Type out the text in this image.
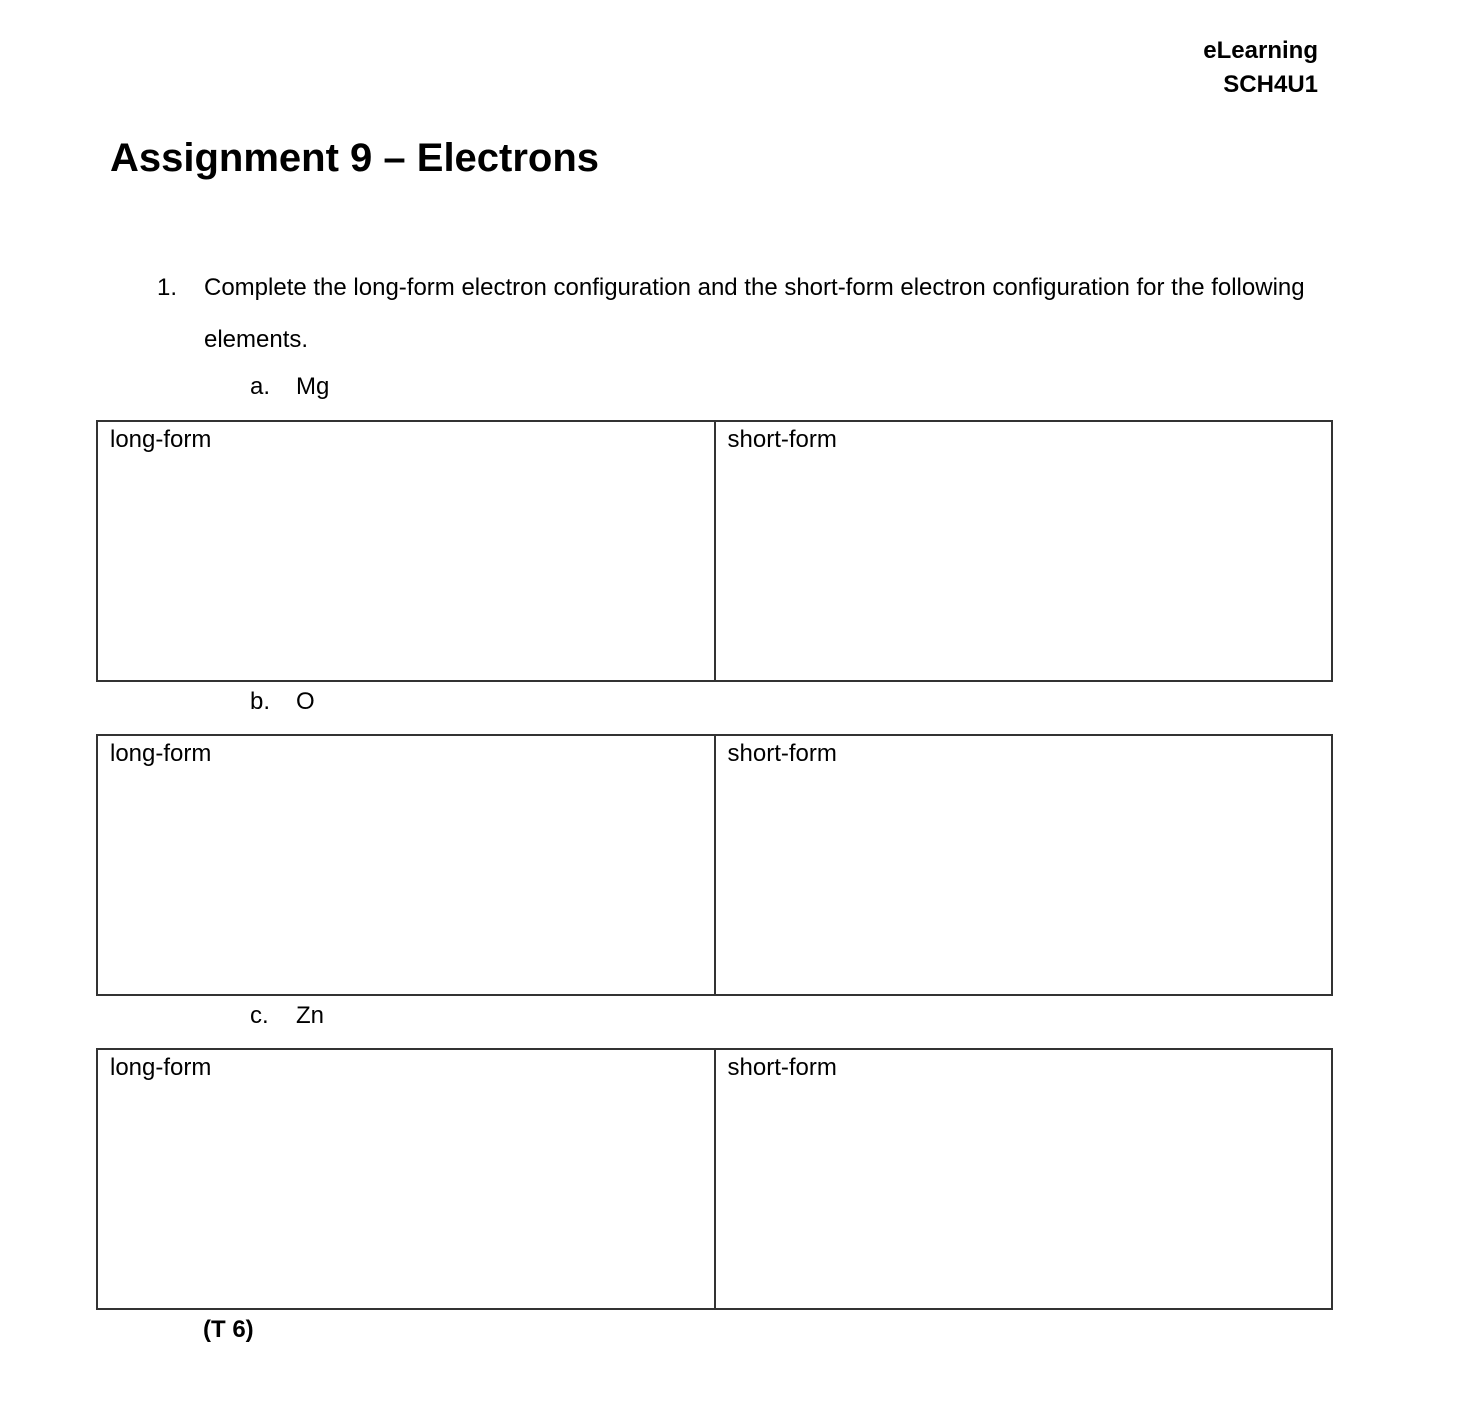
eLearning
SCH4U1
Assignment 9 – Electrons
1. Complete the long-form electron configuration and the short-form electron configuration for the following elements.
a. Mg
long-form	short-form
b. O
long-form	short-form
c. Zn
long-form	short-form
(T 6)
